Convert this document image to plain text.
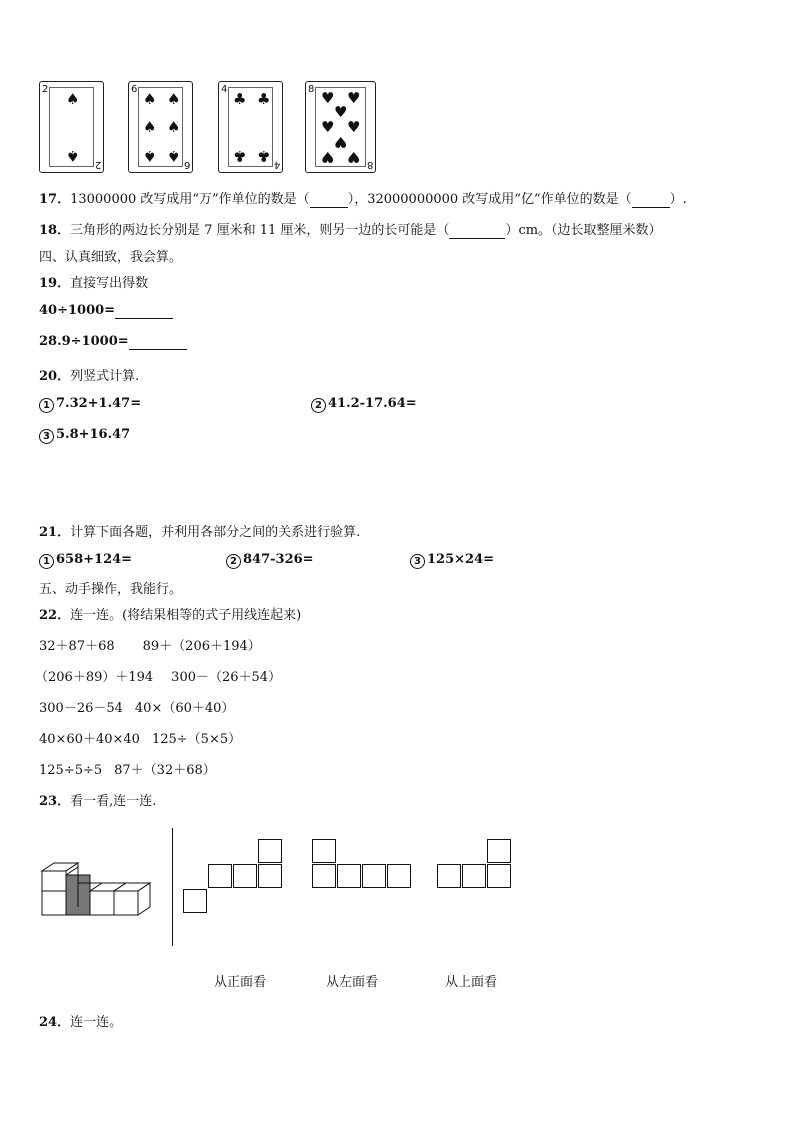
2
2
♠
♠
6
6
♠ ♠
♠ ♠
♠ ♠
4
4
♣ ♣
♣ ♣
8
8
♥ ♥
♥
♥ ♥
♥
♥ ♥
17．13000000 改写成用“万”作单位的数是（	），32000000000 改写成用“亿”作单位的数是（	）.
18．三角形的两边长分别是 7 厘米和 11 厘米，则另一边的长可能是（	）cm。（边长取整厘米数）
四、认真细致，我会算。
19．直接写出得数
40÷1000=
28.9÷1000=
20．列竖式计算.
1 7.32+1.47=	2 41.2-17.64=
3 5.8+16.47
21．计算下面各题，并利用各部分之间的关系进行验算.
1 658+124=	2 847-326=	3 125×24=
五、动手操作，我能行。
22．连一连。(将结果相等的式子用线连起来)
32＋87＋68 89＋（206＋194）
（206＋89）＋194 300－（26＋54）
300－26－54 40×（60＋40）
40×60＋40×40 125÷（5×5）
125÷5÷5 87＋（32＋68）
23．看一看,连一连.
从正面看	从左面看	从上面看
24．连一连。
